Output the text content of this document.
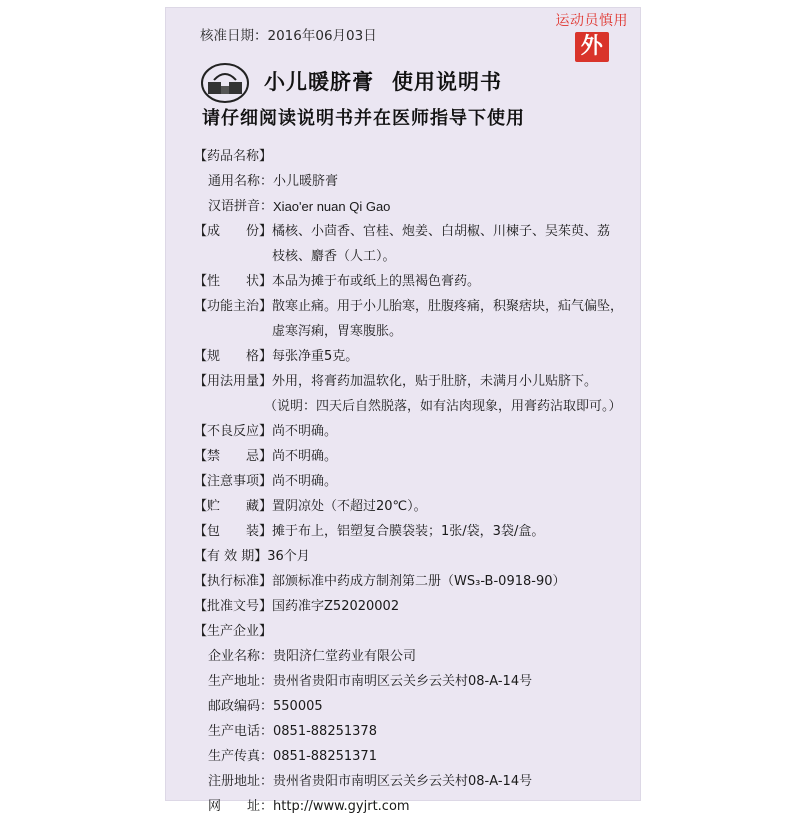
核准日期：2016年06月03日
运动员慎用
外
小儿暖脐膏 使用说明书
请仔细阅读说明书并在医师指导下使用
【药品名称】
通用名称： 小儿暖脐膏
汉语拼音： Xiao'er nuan Qi Gao
【成　　份】 橘核、小茴香、官桂、炮姜、白胡椒、川楝子、吴茱萸、荔
枝核、麝香（人工）。
【性　　状】 本品为摊于布或纸上的黑褐色膏药。
【功能主治】 散寒止痛。用于小儿胎寒，肚腹疼痛，积聚痞块，疝气偏坠，
虚寒泻痢，胃寒腹胀。
【规　　格】 每张净重5克。
【用法用量】 外用，将膏药加温软化，贴于肚脐，未满月小儿贴脐下。
（说明：四天后自然脱落，如有沾肉现象，用膏药沾取即可。）
【不良反应】 尚不明确。
【禁　　忌】 尚不明确。
【注意事项】 尚不明确。
【贮　　藏】 置阴凉处（不超过20℃）。
【包　　装】 摊于布上，铝塑复合膜袋装；1张/袋，3袋/盒。
【有 效 期】 36个月
【执行标准】 部颁标准中药成方制剂第二册（WS₃-B-0918-90）
【批准文号】 国药准字Z52020002
【生产企业】
企业名称： 贵阳济仁堂药业有限公司
生产地址： 贵州省贵阳市南明区云关乡云关村08-A-14号
邮政编码： 550005
生产电话： 0851-88251378
生产传真： 0851-88251371
注册地址： 贵州省贵阳市南明区云关乡云关村08-A-14号
网　　址： http://www.gyjrt.com
